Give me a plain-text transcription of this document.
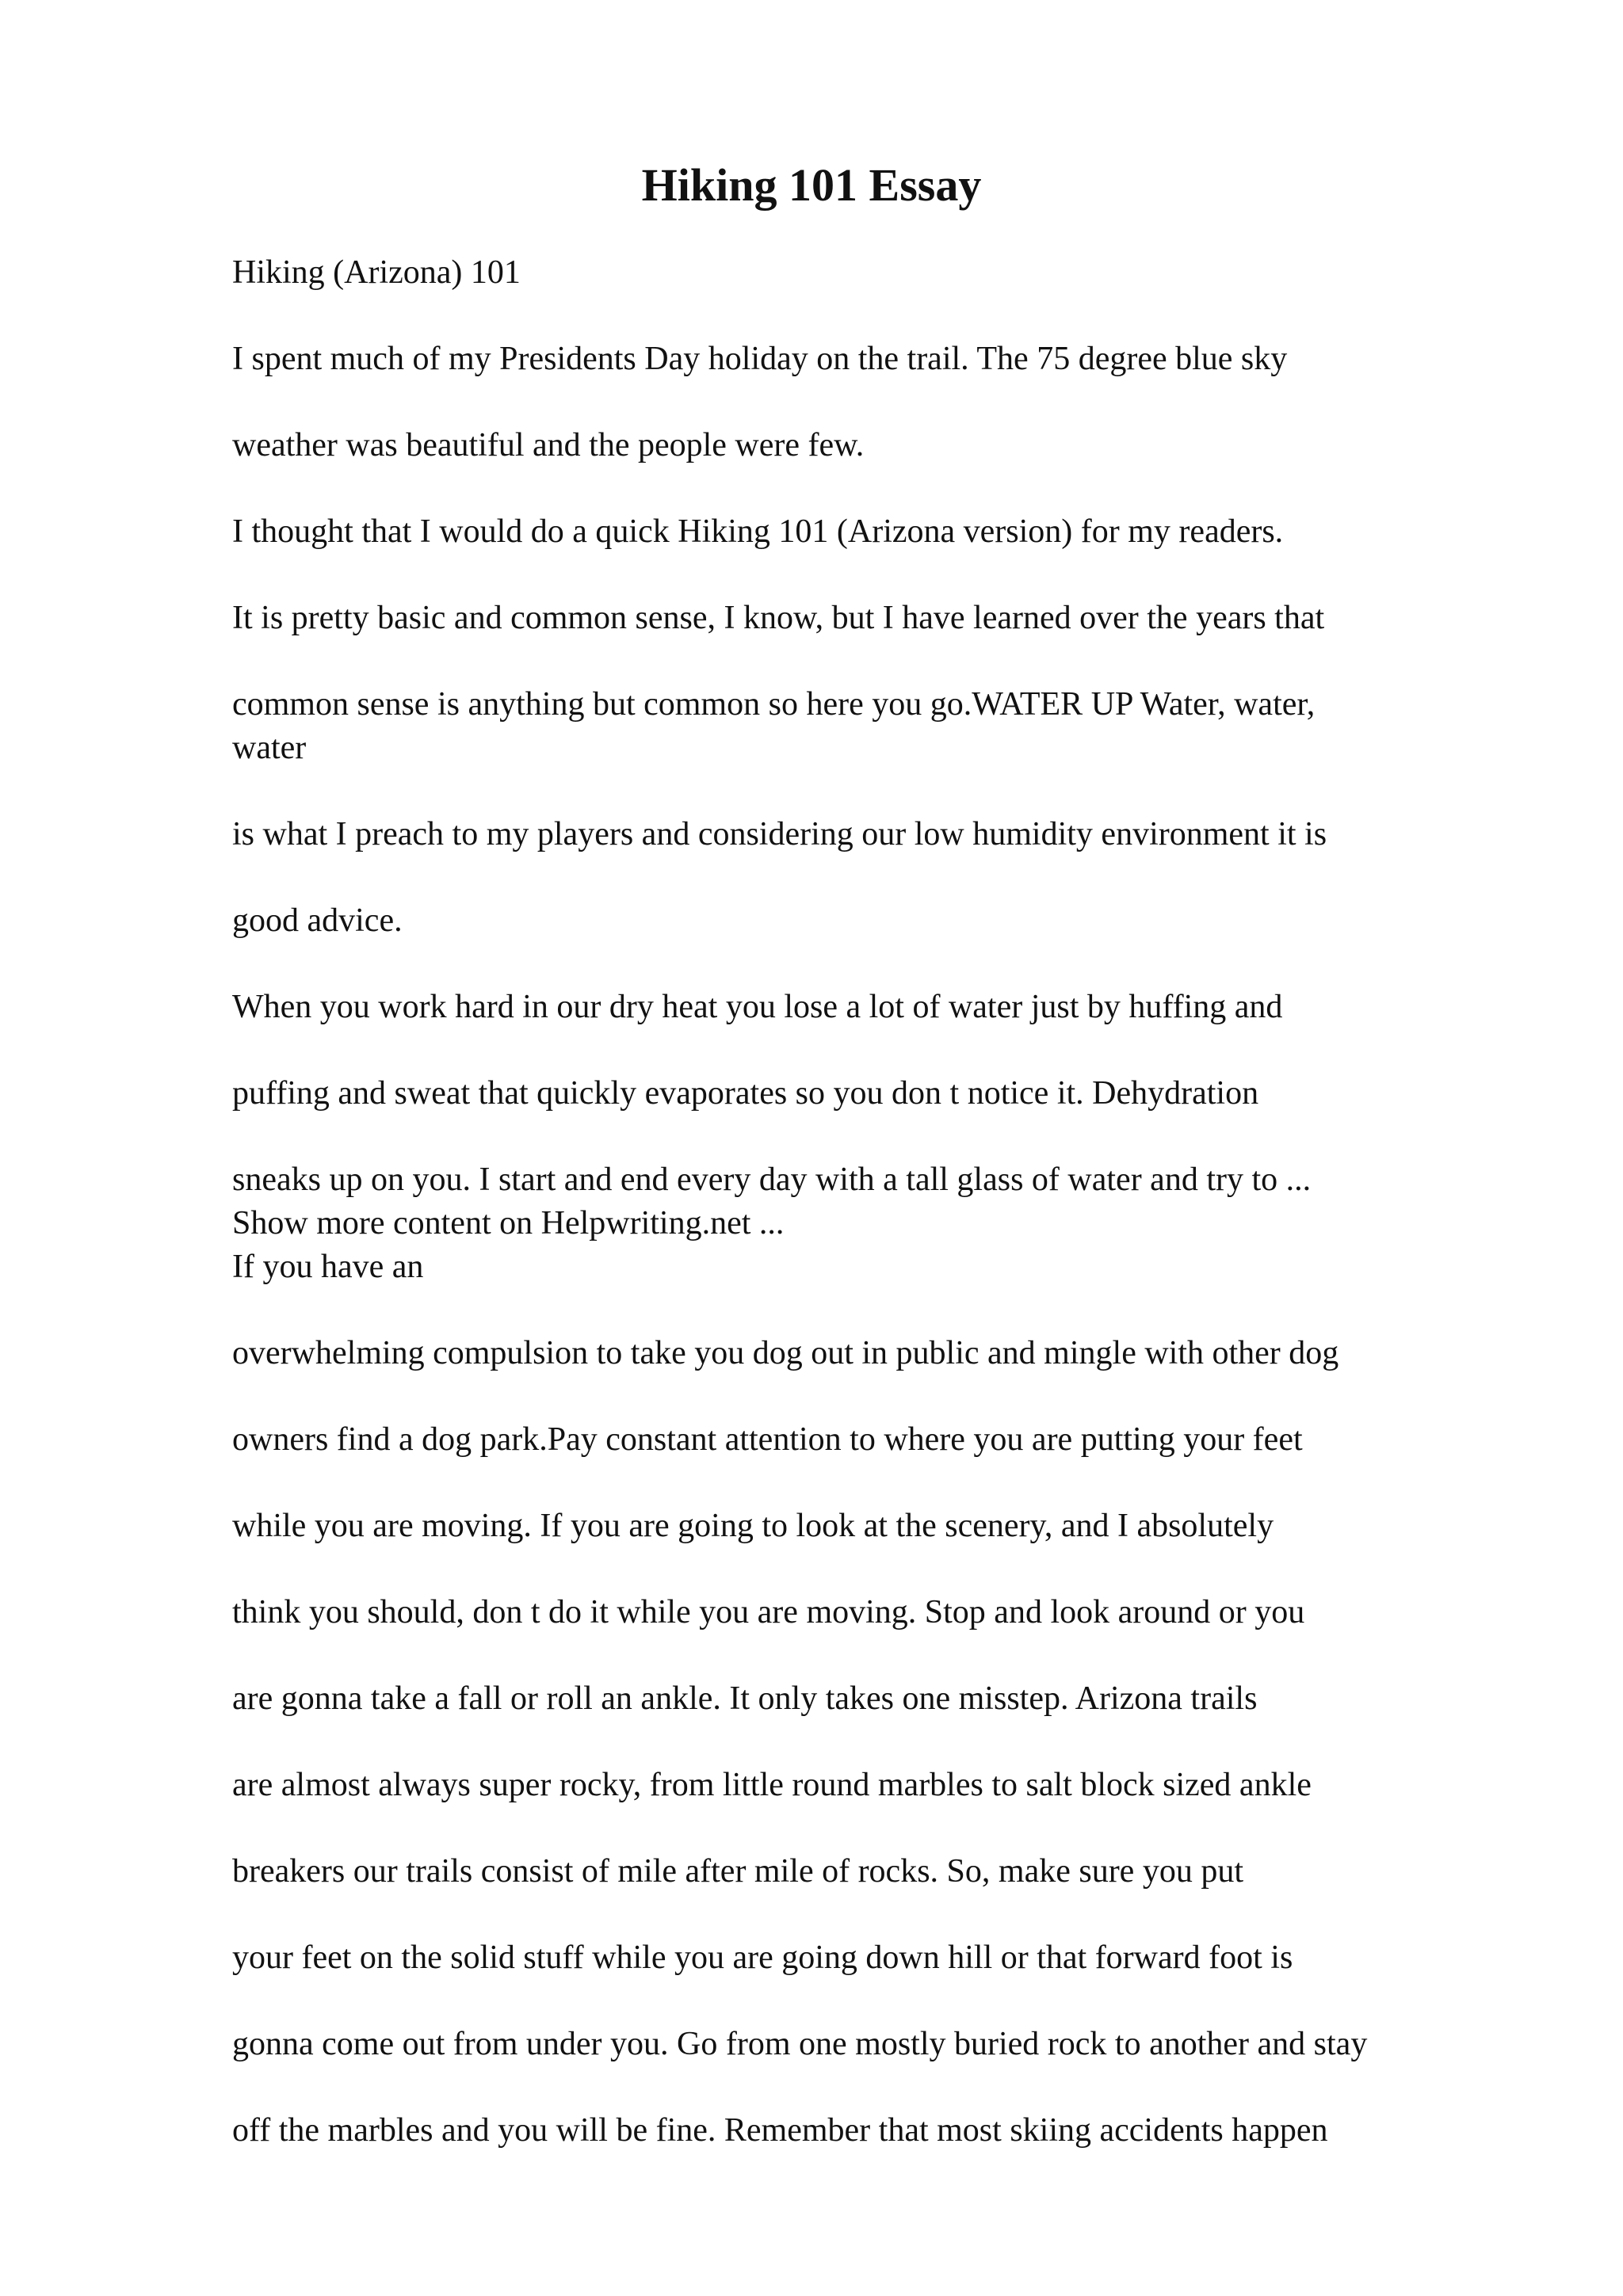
Hiking 101 Essay
Hiking (Arizona) 101
I spent much of my Presidents Day holiday on the trail. The 75 degree blue sky
weather was beautiful and the people were few.
I thought that I would do a quick Hiking 101 (Arizona version) for my readers.
It is pretty basic and common sense, I know, but I have learned over the years that
common sense is anything but common so here you go.WATER UP Water, water,
water
is what I preach to my players and considering our low humidity environment it is
good advice.
When you work hard in our dry heat you lose a lot of water just by huffing and
puffing and sweat that quickly evaporates so you don t notice it. Dehydration
sneaks up on you. I start and end every day with a tall glass of water and try to ...
Show more content on Helpwriting.net ...
If you have an
overwhelming compulsion to take you dog out in public and mingle with other dog
owners find a dog park.Pay constant attention to where you are putting your feet
while you are moving. If you are going to look at the scenery, and I absolutely
think you should, don t do it while you are moving. Stop and look around or you
are gonna take a fall or roll an ankle. It only takes one misstep. Arizona trails
are almost always super rocky, from little round marbles to salt block sized ankle
breakers our trails consist of mile after mile of rocks. So, make sure you put
your feet on the solid stuff while you are going down hill or that forward foot is
gonna come out from under you. Go from one mostly buried rock to another and stay
off the marbles and you will be fine. Remember that most skiing accidents happen
